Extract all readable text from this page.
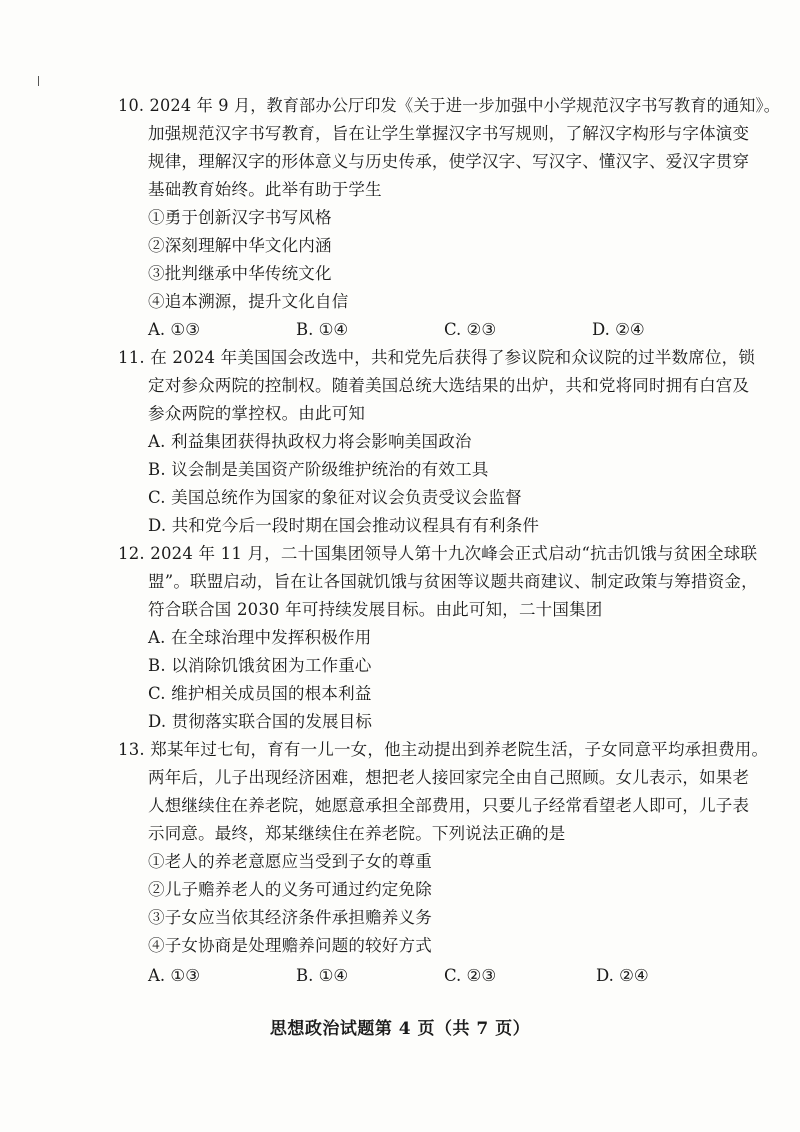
10. 2024 年 9 月，教育部办公厅印发《关于进一步加强中小学规范汉字书写教育的通知》。
加强规范汉字书写教育，旨在让学生掌握汉字书写规则，了解汉字构形与字体演变
规律，理解汉字的形体意义与历史传承，使学汉字、写汉字、懂汉字、爱汉字贯穿
基础教育始终。此举有助于学生
①勇于创新汉字书写风格
②深刻理解中华文化内涵
③批判继承中华传统文化
④追本溯源，提升文化自信
A. ①③	B. ①④	C. ②③	D. ②④
11. 在 2024 年美国国会改选中，共和党先后获得了参议院和众议院的过半数席位，锁
定对参众两院的控制权。随着美国总统大选结果的出炉，共和党将同时拥有白宫及
参众两院的掌控权。由此可知
A. 利益集团获得执政权力将会影响美国政治
B. 议会制是美国资产阶级维护统治的有效工具
C. 美国总统作为国家的象征对议会负责受议会监督
D. 共和党今后一段时期在国会推动议程具有有利条件
12. 2024 年 11 月，二十国集团领导人第十九次峰会正式启动“抗击饥饿与贫困全球联
盟”。联盟启动，旨在让各国就饥饿与贫困等议题共商建议、制定政策与筹措资金，
符合联合国 2030 年可持续发展目标。由此可知，二十国集团
A. 在全球治理中发挥积极作用
B. 以消除饥饿贫困为工作重心
C. 维护相关成员国的根本利益
D. 贯彻落实联合国的发展目标
13. 郑某年过七旬，育有一儿一女，他主动提出到养老院生活，子女同意平均承担费用。
两年后，儿子出现经济困难，想把老人接回家完全由自己照顾。女儿表示，如果老
人想继续住在养老院，她愿意承担全部费用，只要儿子经常看望老人即可，儿子表
示同意。最终，郑某继续住在养老院。下列说法正确的是
①老人的养老意愿应当受到子女的尊重
②儿子赡养老人的义务可通过约定免除
③子女应当依其经济条件承担赡养义务
④子女协商是处理赡养问题的较好方式
A. ①③	B. ①④	C. ②③	D. ②④
思想政治试题第 4 页（共 7 页）
